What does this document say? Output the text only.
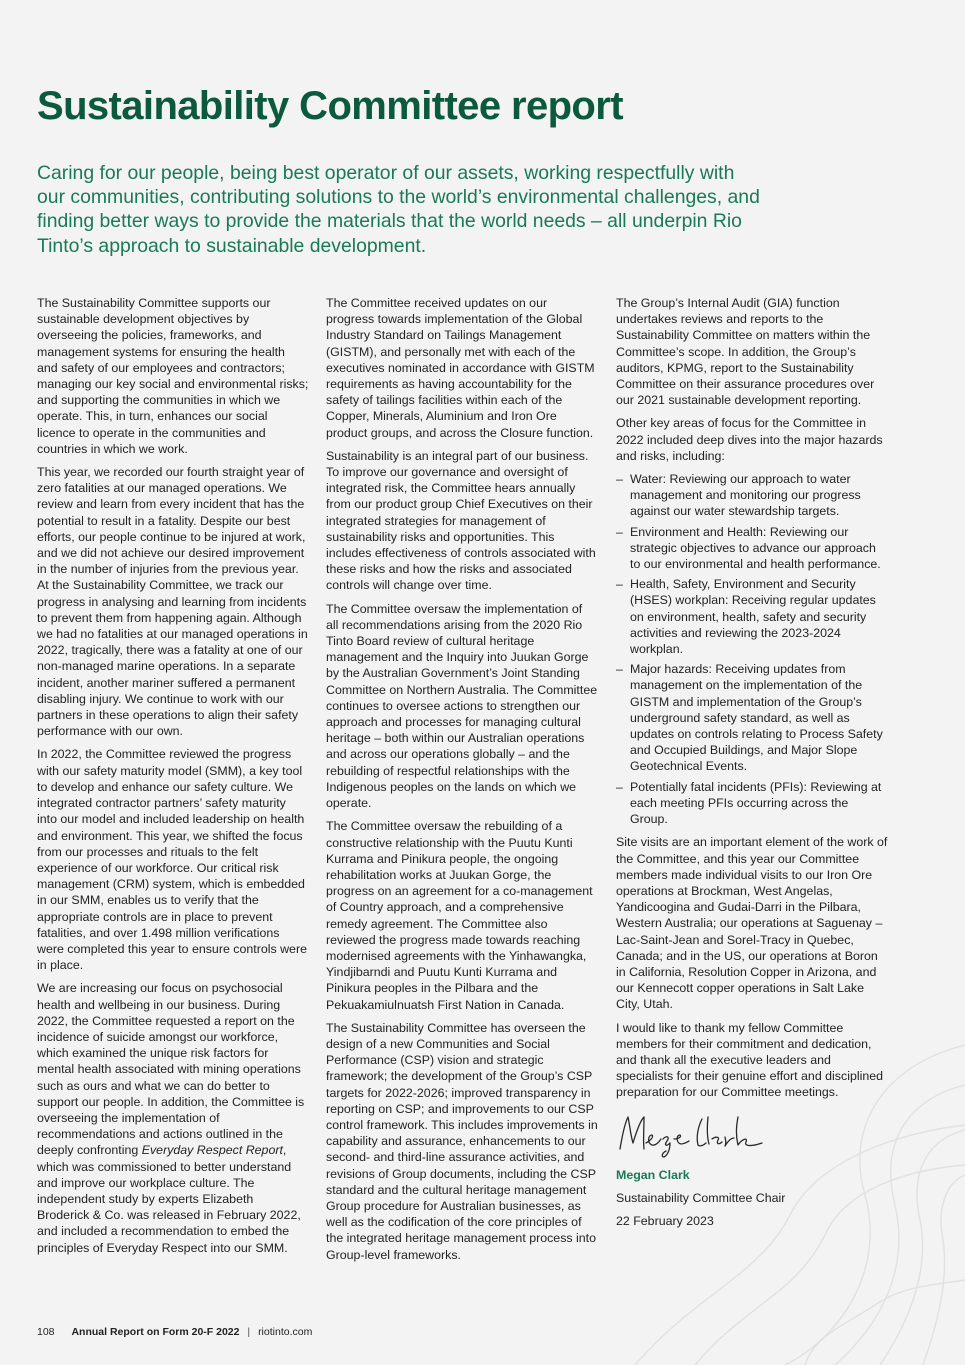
Sustainability Committee report

Caring for our people, being best operator of our assets, working respectfully with our communities, contributing solutions to the world’s environmental challenges, and finding better ways to provide the materials that the world needs – all underpin Rio Tinto’s approach to sustainable development.

The Sustainability Committee supports our sustainable development objectives by overseeing the policies, frameworks, and management systems for ensuring the health and safety of our employees and contractors; managing our key social and environmental risks; and supporting the communities in which we operate. This, in turn, enhances our social licence to operate in the communities and countries in which we work.

This year, we recorded our fourth straight year of zero fatalities at our managed operations. We review and learn from every incident that has the potential to result in a fatality. Despite our best efforts, our people continue to be injured at work, and we did not achieve our desired improvement in the number of injuries from the previous year. At the Sustainability Committee, we track our progress in analysing and learning from incidents to prevent them from happening again. Although we had no fatalities at our managed operations in 2022, tragically, there was a fatality at one of our non-managed marine operations. In a separate incident, another mariner suffered a permanent disabling injury. We continue to work with our partners in these operations to align their safety performance with our own.

In 2022, the Committee reviewed the progress with our safety maturity model (SMM), a key tool to develop and enhance our safety culture. We integrated contractor partners’ safety maturity into our model and included leadership on health and environment. This year, we shifted the focus from our processes and rituals to the felt experience of our workforce. Our critical risk management (CRM) system, which is embedded in our SMM, enables us to verify that the appropriate controls are in place to prevent fatalities, and over 1.498 million verifications were completed this year to ensure controls were in place.

We are increasing our focus on psychosocial health and wellbeing in our business. During 2022, the Committee requested a report on the incidence of suicide amongst our workforce, which examined the unique risk factors for mental health associated with mining operations such as ours and what we can do better to support our people. In addition, the Committee is overseeing the implementation of recommendations and actions outlined in the deeply confronting Everyday Respect Report, which was commissioned to better understand and improve our workplace culture. The independent study by experts Elizabeth Broderick & Co. was released in February 2022, and included a recommendation to embed the principles of Everyday Respect into our SMM.

The Committee received updates on our progress towards implementation of the Global Industry Standard on Tailings Management (GISTM), and personally met with each of the executives nominated in accordance with GISTM requirements as having accountability for the safety of tailings facilities within each of the Copper, Minerals, Aluminium and Iron Ore product groups, and across the Closure function.

Sustainability is an integral part of our business. To improve our governance and oversight of integrated risk, the Committee hears annually from our product group Chief Executives on their integrated strategies for management of sustainability risks and opportunities. This includes effectiveness of controls associated with these risks and how the risks and associated controls will change over time.

The Committee oversaw the implementation of all recommendations arising from the 2020 Rio Tinto Board review of cultural heritage management and the Inquiry into Juukan Gorge by the Australian Government’s Joint Standing Committee on Northern Australia. The Committee continues to oversee actions to strengthen our approach and processes for managing cultural heritage – both within our Australian operations and across our operations globally – and the rebuilding of respectful relationships with the Indigenous peoples on the lands on which we operate.

The Committee oversaw the rebuilding of a constructive relationship with the Puutu Kunti Kurrama and Pinikura people, the ongoing rehabilitation works at Juukan Gorge, the progress on an agreement for a co-management of Country approach, and a comprehensive remedy agreement. The Committee also reviewed the progress made towards reaching modernised agreements with the Yinhawangka, Yindjibarndi and Puutu Kunti Kurrama and Pinikura peoples in the Pilbara and the Pekuakamiulnuatsh First Nation in Canada.

The Sustainability Committee has overseen the design of a new Communities and Social Performance (CSP) vision and strategic framework; the development of the Group’s CSP targets for 2022-2026; improved transparency in reporting on CSP; and improvements to our CSP control framework. This includes improvements in capability and assurance, enhancements to our second- and third-line assurance activities, and revisions of Group documents, including the CSP standard and the cultural heritage management Group procedure for Australian businesses, as well as the codification of the core principles of the integrated heritage management process into Group-level frameworks.

The Group’s Internal Audit (GIA) function undertakes reviews and reports to the Sustainability Committee on matters within the Committee’s scope. In addition, the Group’s auditors, KPMG, report to the Sustainability Committee on their assurance procedures over our 2021 sustainable development reporting.

Other key areas of focus for the Committee in 2022 included deep dives into the major hazards and risks, including:

– Water: Reviewing our approach to water management and monitoring our progress against our water stewardship targets.
– Environment and Health: Reviewing our strategic objectives to advance our approach to our environmental and health performance.
– Health, Safety, Environment and Security (HSES) workplan: Receiving regular updates on environment, health, safety and security activities and reviewing the 2023-2024 workplan.
– Major hazards: Receiving updates from management on the implementation of the GISTM and implementation of the Group’s underground safety standard, as well as updates on controls relating to Process Safety and Occupied Buildings, and Major Slope Geotechnical Events.
– Potentially fatal incidents (PFIs): Reviewing at each meeting PFIs occurring across the Group.

Site visits are an important element of the work of the Committee, and this year our Committee members made individual visits to our Iron Ore operations at Brockman, West Angelas, Yandicoogina and Gudai-Darri in the Pilbara, Western Australia; our operations at Saguenay – Lac-Saint-Jean and Sorel-Tracy in Quebec, Canada; and in the US, our operations at Boron in California, Resolution Copper in Arizona, and our Kennecott copper operations in Salt Lake City, Utah.

I would like to thank my fellow Committee members for their commitment and dedication, and thank all the executive leaders and specialists for their genuine effort and disciplined preparation for our Committee meetings.

Megan Clark

Sustainability Committee Chair

22 February 2023

108 Annual Report on Form 20-F 2022 | riotinto.com
